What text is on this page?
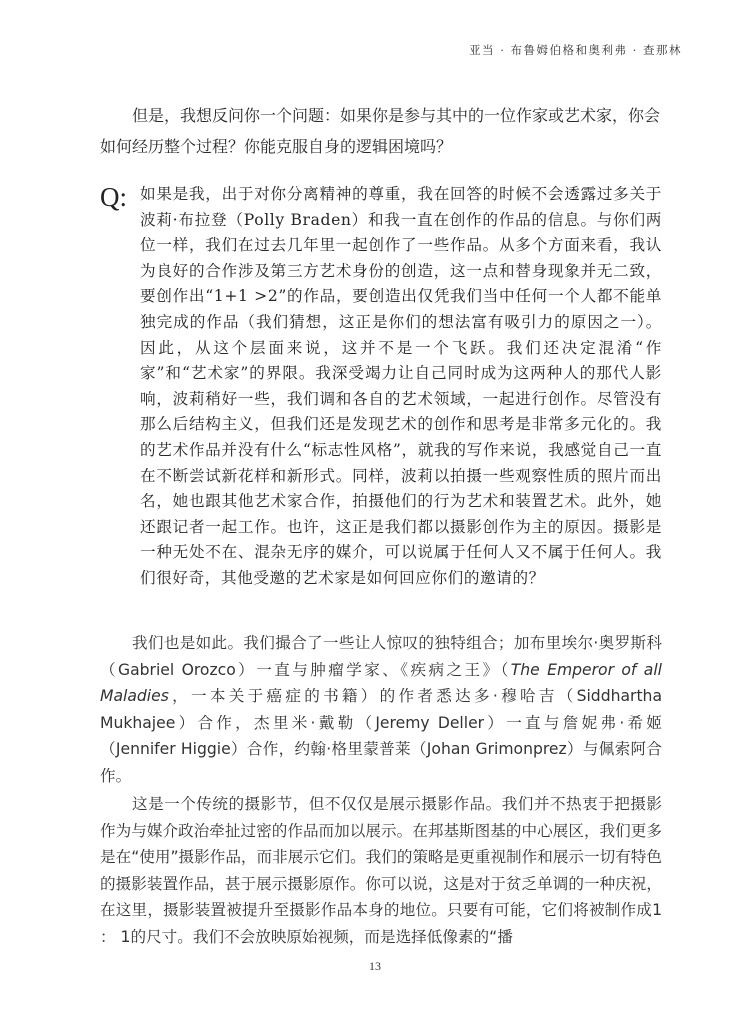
亚当 · 布鲁姆伯格和奥利弗 · 查那林
但是，我想反问你一个问题：如果你是参与其中的一位作家或艺术家，你会如何经历整个过程？你能克服自身的逻辑困境吗？
Q: 如果是我，出于对你分离精神的尊重，我在回答的时候不会透露过多关于波莉·布拉登（Polly Braden）和我一直在创作的作品的信息。与你们两位一样，我们在过去几年里一起创作了一些作品。从多个方面来看，我认为良好的合作涉及第三方艺术身份的创造，这一点和替身现象并无二致，要创作出“1+1 >2”的作品，要创造出仅凭我们当中任何一个人都不能单独完成的作品（我们猜想，这正是你们的想法富有吸引力的原因之一）。因此，从这个层面来说，这并不是一个飞跃。我们还决定混淆“作家”和“艺术家”的界限。我深受竭力让自己同时成为这两种人的那代人影响，波莉稍好一些，我们调和各自的艺术领域，一起进行创作。尽管没有那么后结构主义，但我们还是发现艺术的创作和思考是非常多元化的。我的艺术作品并没有什么“标志性风格”，就我的写作来说，我感觉自己一直在不断尝试新花样和新形式。同样，波莉以拍摄一些观察性质的照片而出名，她也跟其他艺术家合作，拍摄他们的行为艺术和装置艺术。此外，她还跟记者一起工作。也许，这正是我们都以摄影创作为主的原因。摄影是一种无处不在、混杂无序的媒介，可以说属于任何人又不属于任何人。我们很好奇，其他受邀的艺术家是如何回应你们的邀请的？

我们也是如此。我们撮合了一些让人惊叹的独特组合；加布里埃尔·奥罗斯科（Gabriel Orozco）一直与肿瘤学家、《疾病之王》（The Emperor of all Maladies，一本关于癌症的书籍）的作者悉达多·穆哈吉（Siddhartha Mukhajee）合作，杰里米·戴勒（Jeremy Deller）一直与詹妮弗·希姬（Jennifer Higgie）合作，约翰·格里蒙普莱（Johan Grimonprez）与佩索阿合作。

这是一个传统的摄影节，但不仅仅是展示摄影作品。我们并不热衷于把摄影作为与媒介政治牵扯过密的作品而加以展示。在邦基斯图基的中心展区，我们更多是在“使用”摄影作品，而非展示它们。我们的策略是更重视制作和展示一切有特色的摄影装置作品，甚于展示摄影原作。你可以说，这是对于贫乏单调的一种庆祝，在这里，摄影装置被提升至摄影作品本身的地位。只要有可能，它们将被制作成1 ： 1的尺寸。我们不会放映原始视频，而是选择低像素的“播

13
